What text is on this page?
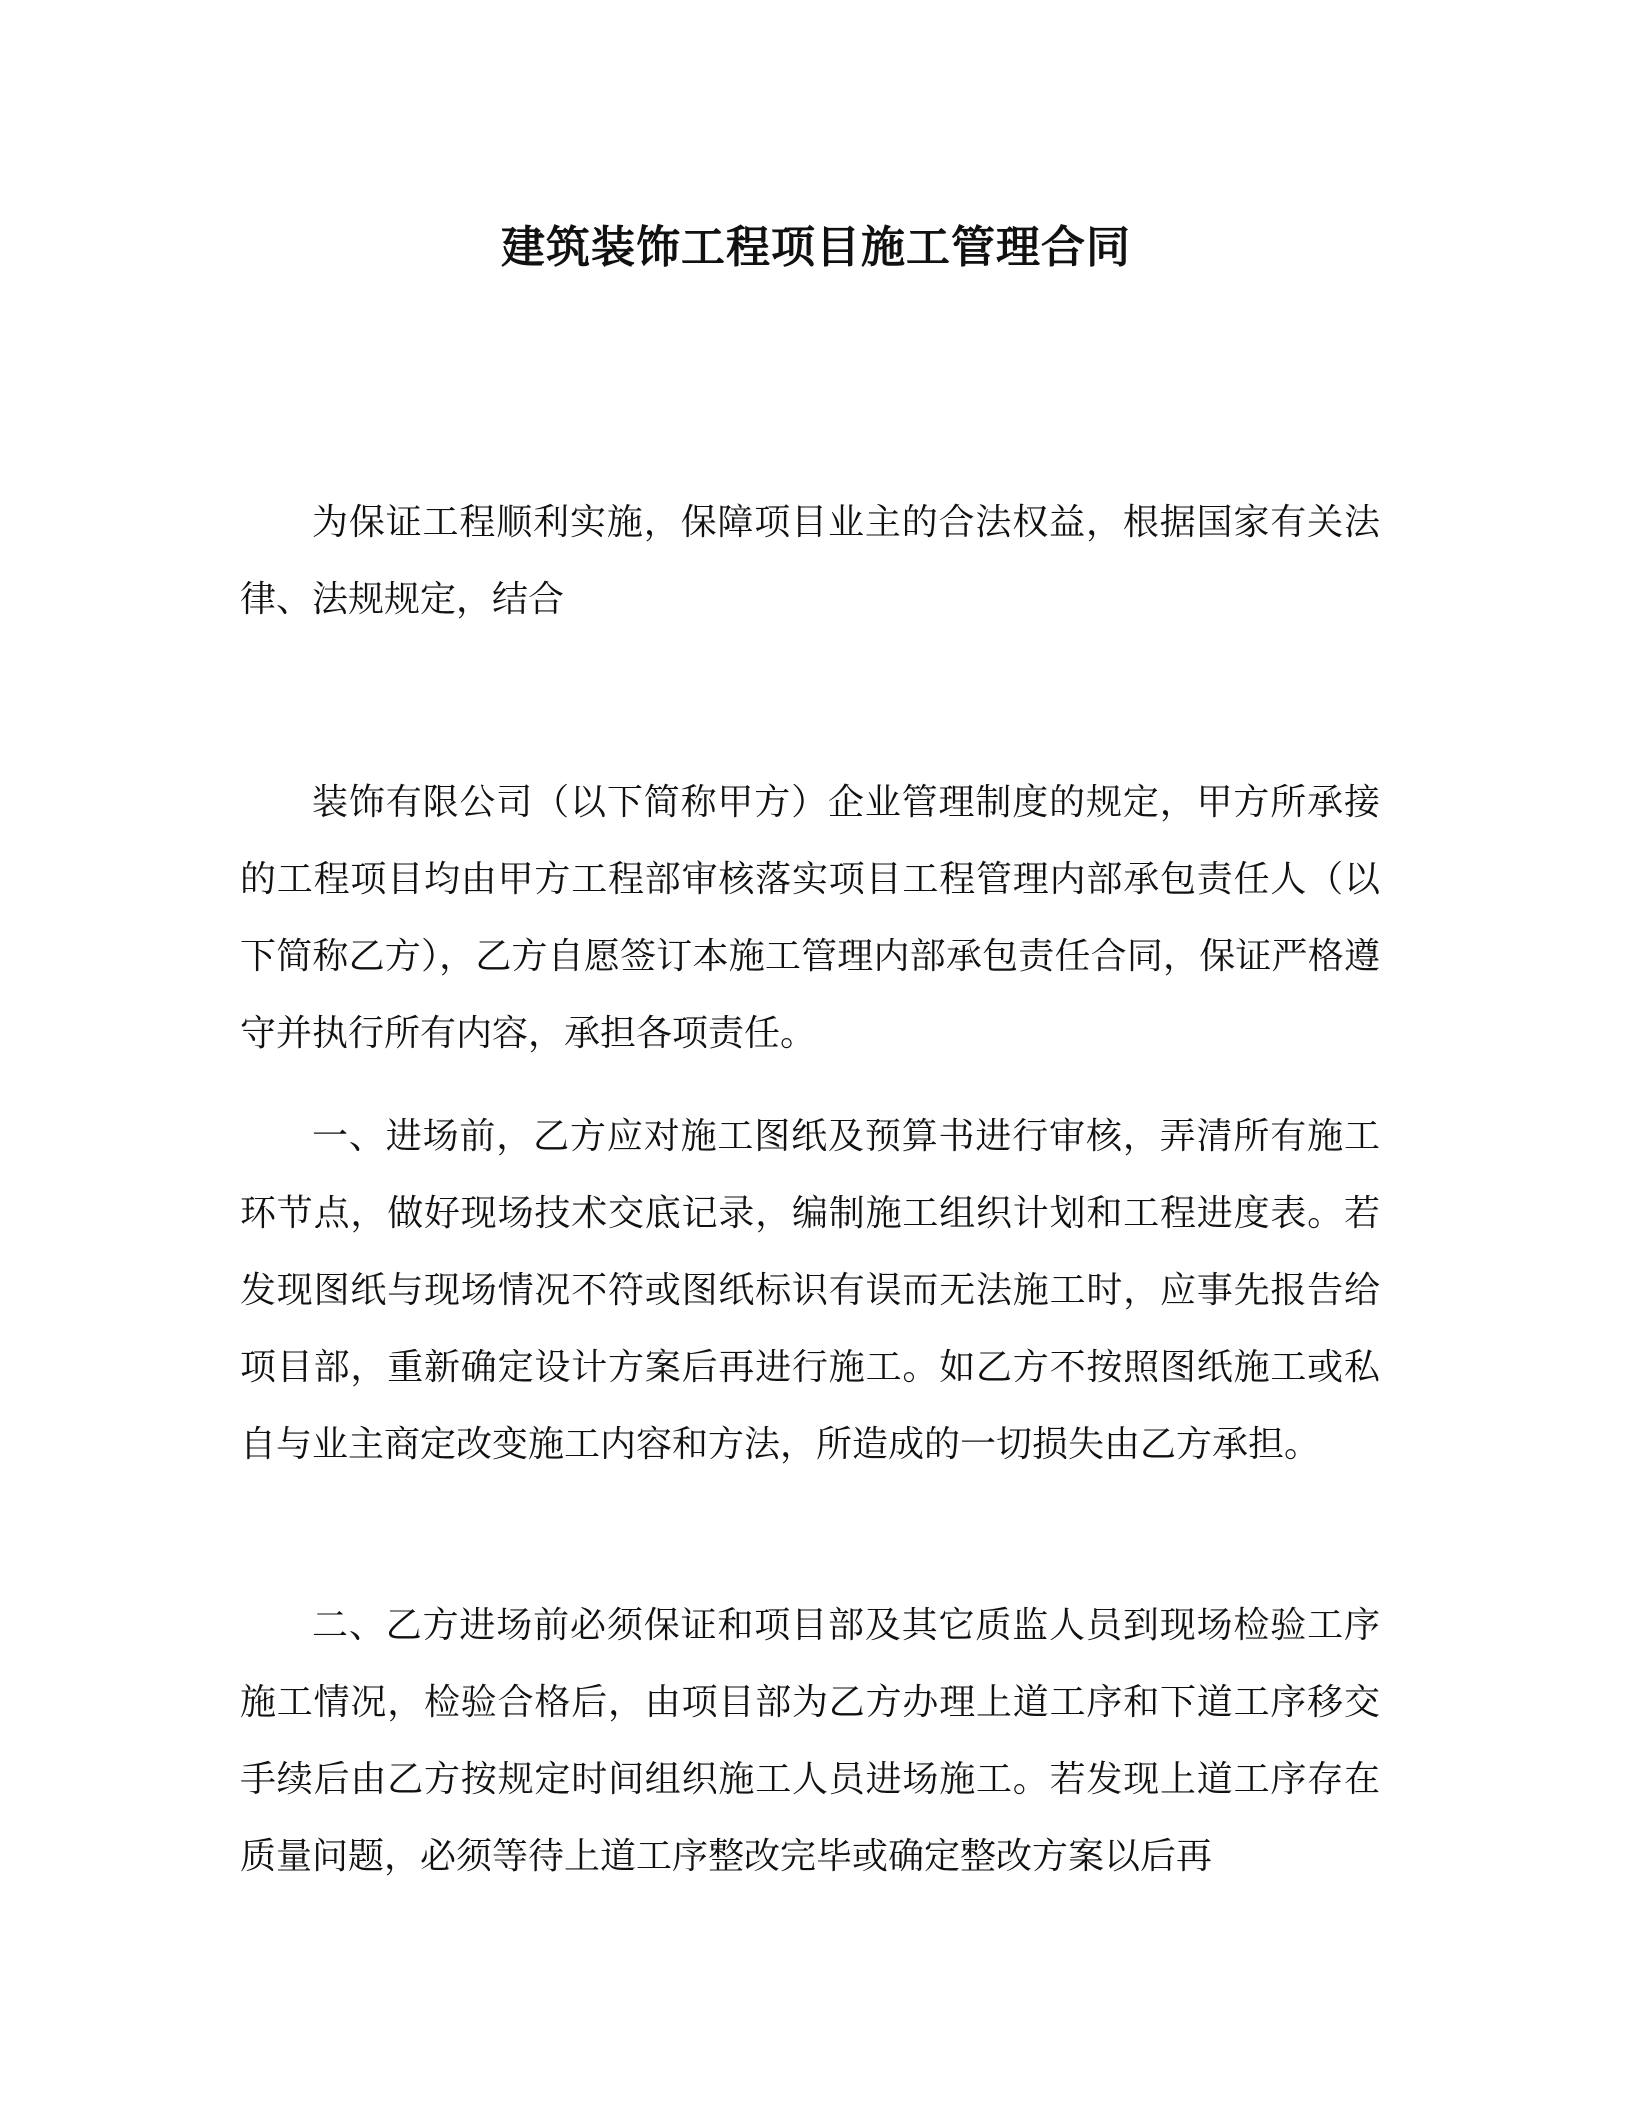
建筑装饰工程项目施工管理合同

为保证工程顺利实施，保障项目业主的合法权益，根据国家有关法律、法规规定，结合

装饰有限公司（以下简称甲方）企业管理制度的规定，甲方所承接的工程项目均由甲方工程部审核落实项目工程管理内部承包责任人（以下简称乙方），乙方自愿签订本施工管理内部承包责任合同，保证严格遵守并执行所有内容，承担各项责任。

一、进场前，乙方应对施工图纸及预算书进行审核，弄清所有施工环节点，做好现场技术交底记录，编制施工组织计划和工程进度表。若发现图纸与现场情况不符或图纸标识有误而无法施工时，应事先报告给项目部，重新确定设计方案后再进行施工。如乙方不按照图纸施工或私自与业主商定改变施工内容和方法，所造成的一切损失由乙方承担。

二、乙方进场前必须保证和项目部及其它质监人员到现场检验工序施工情况，检验合格后，由项目部为乙方办理上道工序和下道工序移交手续后由乙方按规定时间组织施工人员进场施工。若发现上道工序存在质量问题，必须等待上道工序整改完毕或确定整改方案以后再
